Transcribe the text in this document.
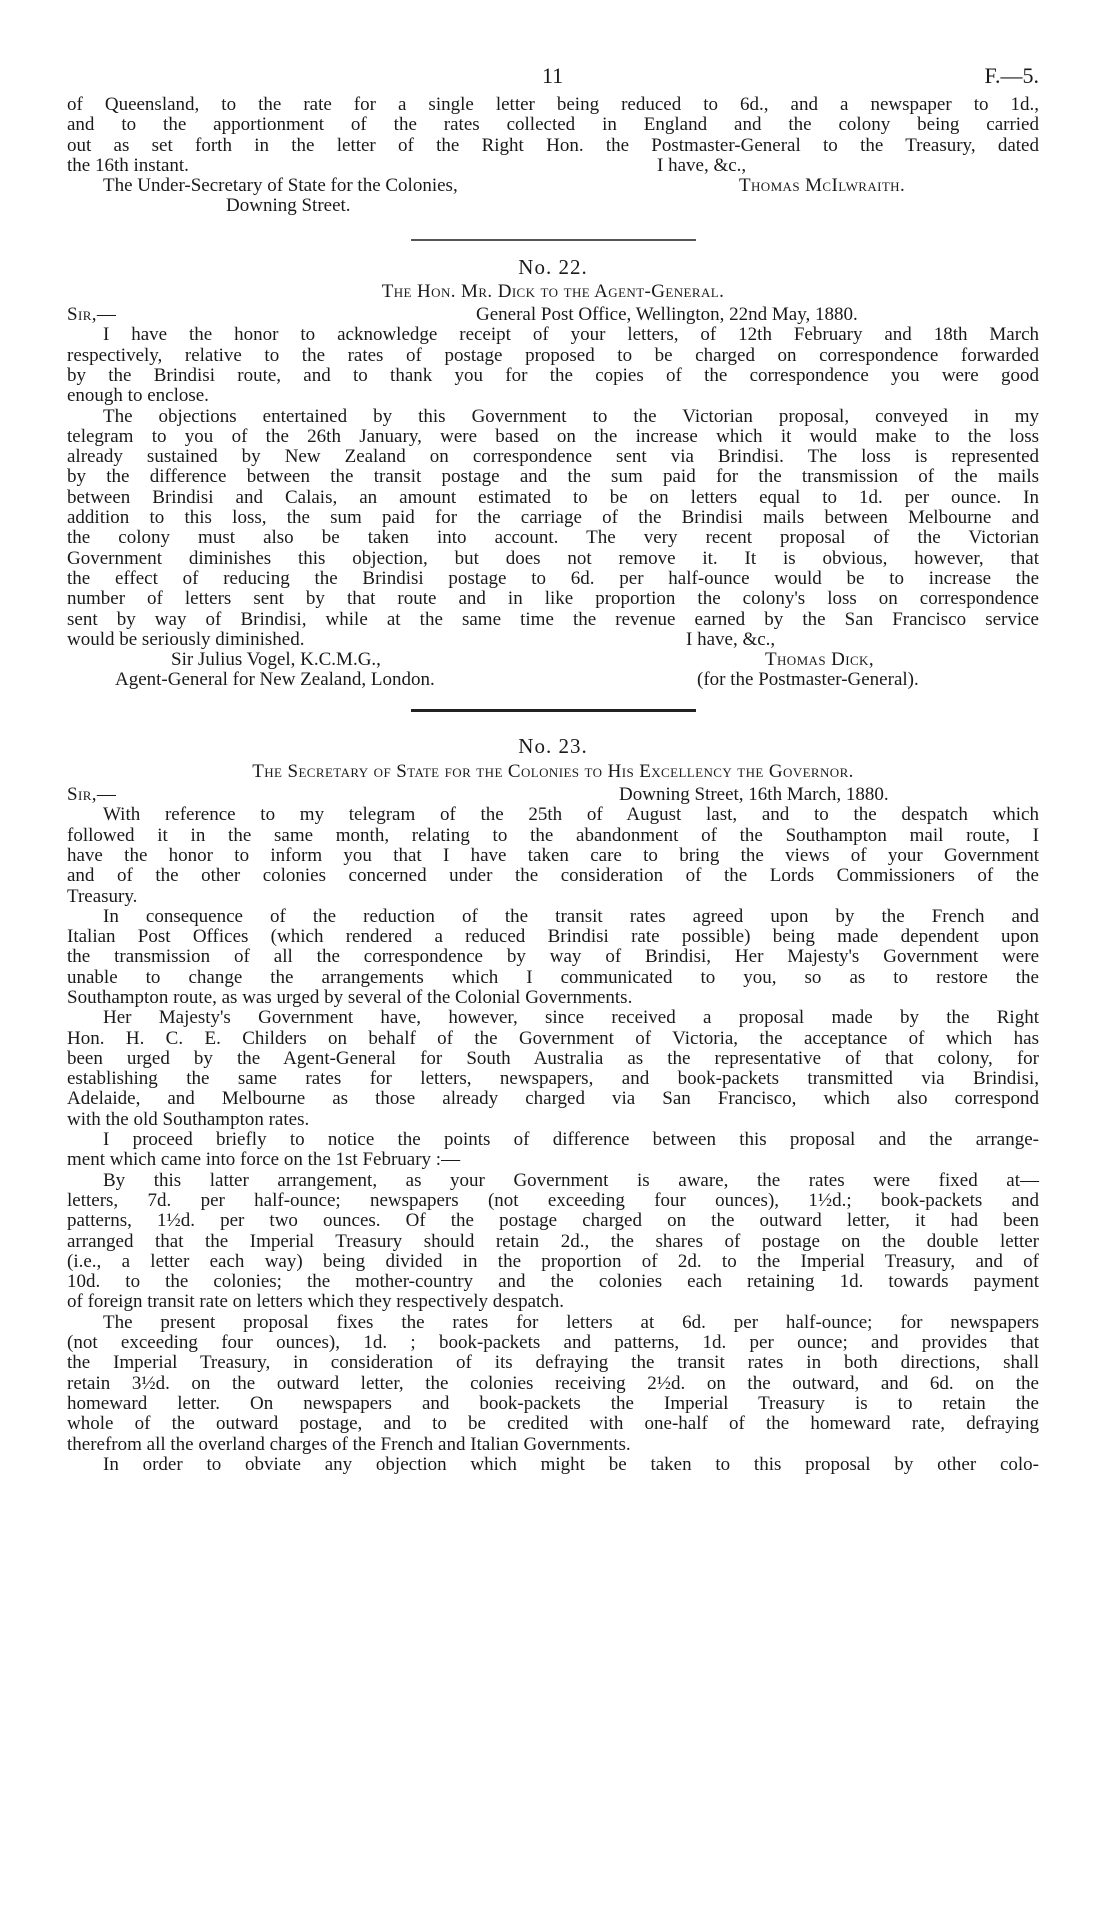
11	F.—5.
of Queensland, to the rate for a single letter being reduced to 6d., and a newspaper to 1d.,
and to the apportionment of the rates collected in England and the colony being carried
out as set forth in the letter of the Right Hon. the Postmaster-General to the Treasury, dated
the 16th instant.	I have, &c.,
The Under-Secretary of State for the Colonies,	Thomas McIlwraith.
Downing Street.
No. 22.
The Hon. Mr. Dick to the Agent-General.
Sir,—	General Post Office, Wellington, 22nd May, 1880.
I have the honor to acknowledge receipt of your letters, of 12th February and 18th March
respectively, relative to the rates of postage proposed to be charged on correspondence forwarded
by the Brindisi route, and to thank you for the copies of the correspondence you were good
enough to enclose.
The objections entertained by this Government to the Victorian proposal, conveyed in my
telegram to you of the 26th January, were based on the increase which it would make to the loss
already sustained by New Zealand on correspondence sent via Brindisi. The loss is represented
by the difference between the transit postage and the sum paid for the transmission of the mails
between Brindisi and Calais, an amount estimated to be on letters equal to 1d. per ounce. In
addition to this loss, the sum paid for the carriage of the Brindisi mails between Melbourne and
the colony must also be taken into account. The very recent proposal of the Victorian
Government diminishes this objection, but does not remove it. It is obvious, however, that
the effect of reducing the Brindisi postage to 6d. per half-ounce would be to increase the
number of letters sent by that route and in like proportion the colony's loss on correspondence
sent by way of Brindisi, while at the same time the revenue earned by the San Francisco service
would be seriously diminished.	I have, &c.,
Sir Julius Vogel, K.C.M.G.,	Thomas Dick,
Agent-General for New Zealand, London.	(for the Postmaster-General).
No. 23.
The Secretary of State for the Colonies to His Excellency the Governor.
Sir,—	Downing Street, 16th March, 1880.
With reference to my telegram of the 25th of August last, and to the despatch which
followed it in the same month, relating to the abandonment of the Southampton mail route, I
have the honor to inform you that I have taken care to bring the views of your Government
and of the other colonies concerned under the consideration of the Lords Commissioners of the
Treasury.
In consequence of the reduction of the transit rates agreed upon by the French and
Italian Post Offices (which rendered a reduced Brindisi rate possible) being made dependent upon
the transmission of all the correspondence by way of Brindisi, Her Majesty's Government were
unable to change the arrangements which I communicated to you, so as to restore the
Southampton route, as was urged by several of the Colonial Governments.
Her Majesty's Government have, however, since received a proposal made by the Right
Hon. H. C. E. Childers on behalf of the Government of Victoria, the acceptance of which has
been urged by the Agent-General for South Australia as the representative of that colony, for
establishing the same rates for letters, newspapers, and book-packets transmitted via Brindisi,
Adelaide, and Melbourne as those already charged via San Francisco, which also correspond
with the old Southampton rates.
I proceed briefly to notice the points of difference between this proposal and the arrange-
ment which came into force on the 1st February :—
By this latter arrangement, as your Government is aware, the rates were fixed at—
letters, 7d. per half-ounce; newspapers (not exceeding four ounces), 1½d.; book-packets and
patterns, 1½d. per two ounces. Of the postage charged on the outward letter, it had been
arranged that the Imperial Treasury should retain 2d., the shares of postage on the double letter
(i.e., a letter each way) being divided in the proportion of 2d. to the Imperial Treasury, and of
10d. to the colonies; the mother-country and the colonies each retaining 1d. towards payment
of foreign transit rate on letters which they respectively despatch.
The present proposal fixes the rates for letters at 6d. per half-ounce; for newspapers
(not exceeding four ounces), 1d. ; book-packets and patterns, 1d. per ounce; and provides that
the Imperial Treasury, in consideration of its defraying the transit rates in both directions, shall
retain 3½d. on the outward letter, the colonies receiving 2½d. on the outward, and 6d. on the
homeward letter. On newspapers and book-packets the Imperial Treasury is to retain the
whole of the outward postage, and to be credited with one-half of the homeward rate, defraying
therefrom all the overland charges of the French and Italian Governments.
In order to obviate any objection which might be taken to this proposal by other colo-
